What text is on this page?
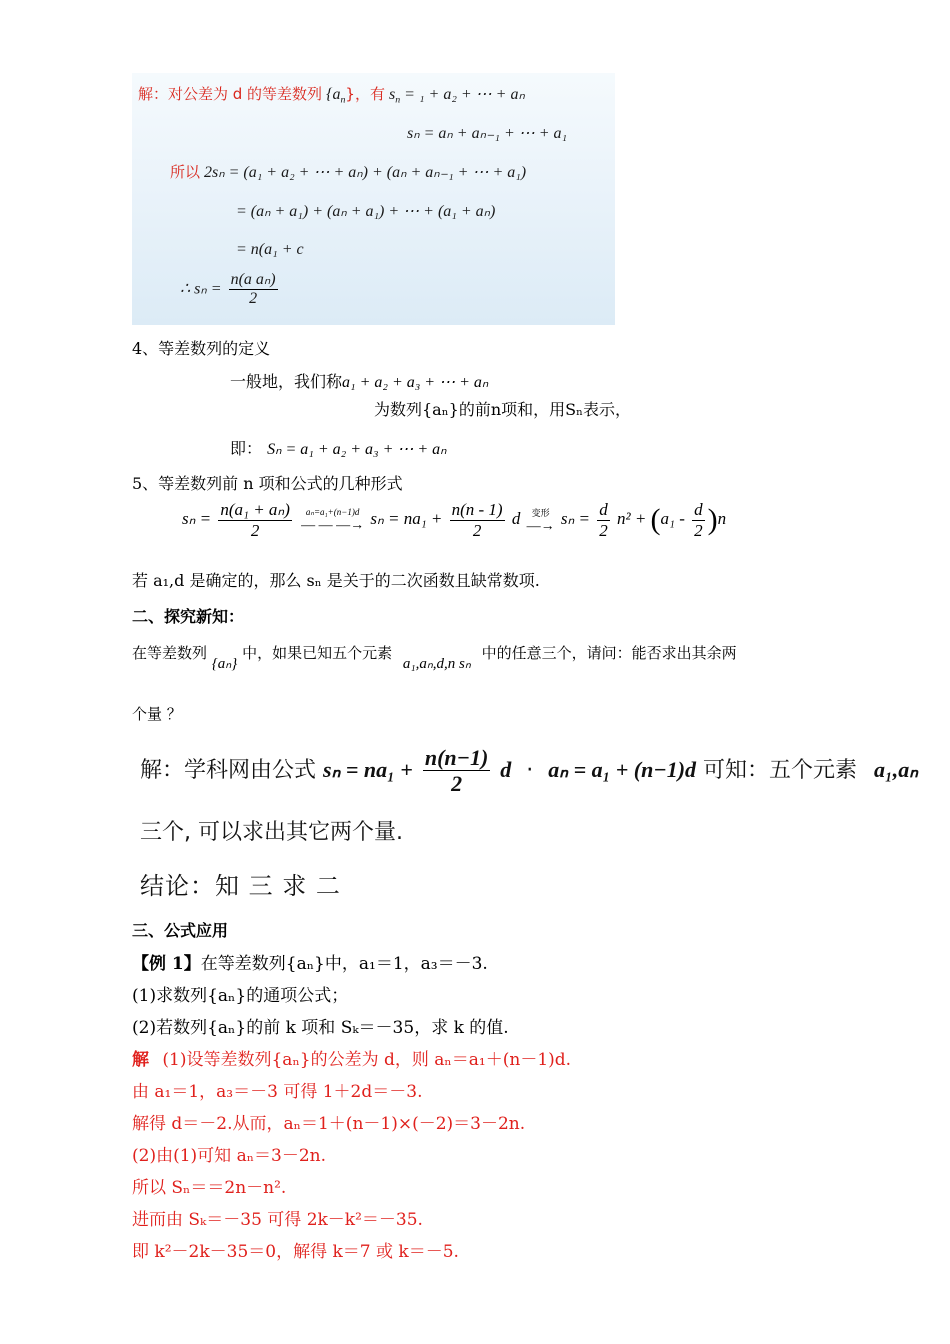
解：对公差为 d 的等差数列 $\{a_n\}$，有 $s_n = _1 + a_2$ + ⋯ + aₙ
sₙ = aₙ + aₙ₋₁ + ⋯ + a₁
所以 2sₙ = (a₁ + a₂ + ⋯ + aₙ) + (aₙ + aₙ₋₁ + ⋯ + a₁)
= (aₙ + a₁) + (aₙ + a₁) + ⋯ + (a₁ + aₙ)
= n(a₁ + c
∴ $s_n = \frac{\text{n(a aₙ)}}{2}$
4、等差数列的定义
一般地，我们称a₁ + a₂ + a₃ + ⋯ + aₙ
为数列{aₙ}的前n项和，用Sₙ表示，
即： Sₙ = a₁ + a₂ + a₃ + ⋯ + aₙ
5、等差数列前 n 项和公式的几种形式
$s_n = \frac{\text{n(a₁ + aₙ)}}{2}$
	aₙ=a₁+(n−1)d
— — —→ $s_n = na_1 + \frac{n(n - 1)}{2}$ d	变形
—→ $s_n = \frac{d}{2} n^2 + (a_1 - \frac{d}{2} )n$
若 a₁,d 是确定的，那么 sₙ 是关于的二次函数且缺常数项.
二、探究新知：
在等差数列 {aₙ} 中，如果已知五个元素 a₁,aₙ,d,n sₙ 中的任意三个，请问：能否求出其余两
个量 ？
解：学科网由公式 $s_n = na_1 + \frac{n(n-1)}{2}$ d · aₙ = a₁ + (n−1)d 可知：五个元素 a₁,aₙ
三个, 可以求出其它两个量.
结论：知 三 求 二
三、公式应用
【例 1】在等差数列{aₙ}中，a₁＝1，a₃＝－3.
(1)求数列{aₙ}的通项公式；
(2)若数列{aₙ}的前 k 项和 Sₖ＝－35，求 k 的值.
解 (1)设等差数列{aₙ}的公差为 d，则 aₙ＝a₁＋(n－1)d.
由 a₁＝1，a₃＝－3 可得 1＋2d＝－3.
解得 d＝－2.从而，aₙ＝1＋(n－1)×(－2)＝3－2n.
(2)由(1)可知 aₙ＝3－2n.
所以 Sₙ＝＝2n－n².
进而由 Sₖ＝－35 可得 2k－k²＝－35.
即 k²－2k－35＝0，解得 k＝7 或 k＝－5.
